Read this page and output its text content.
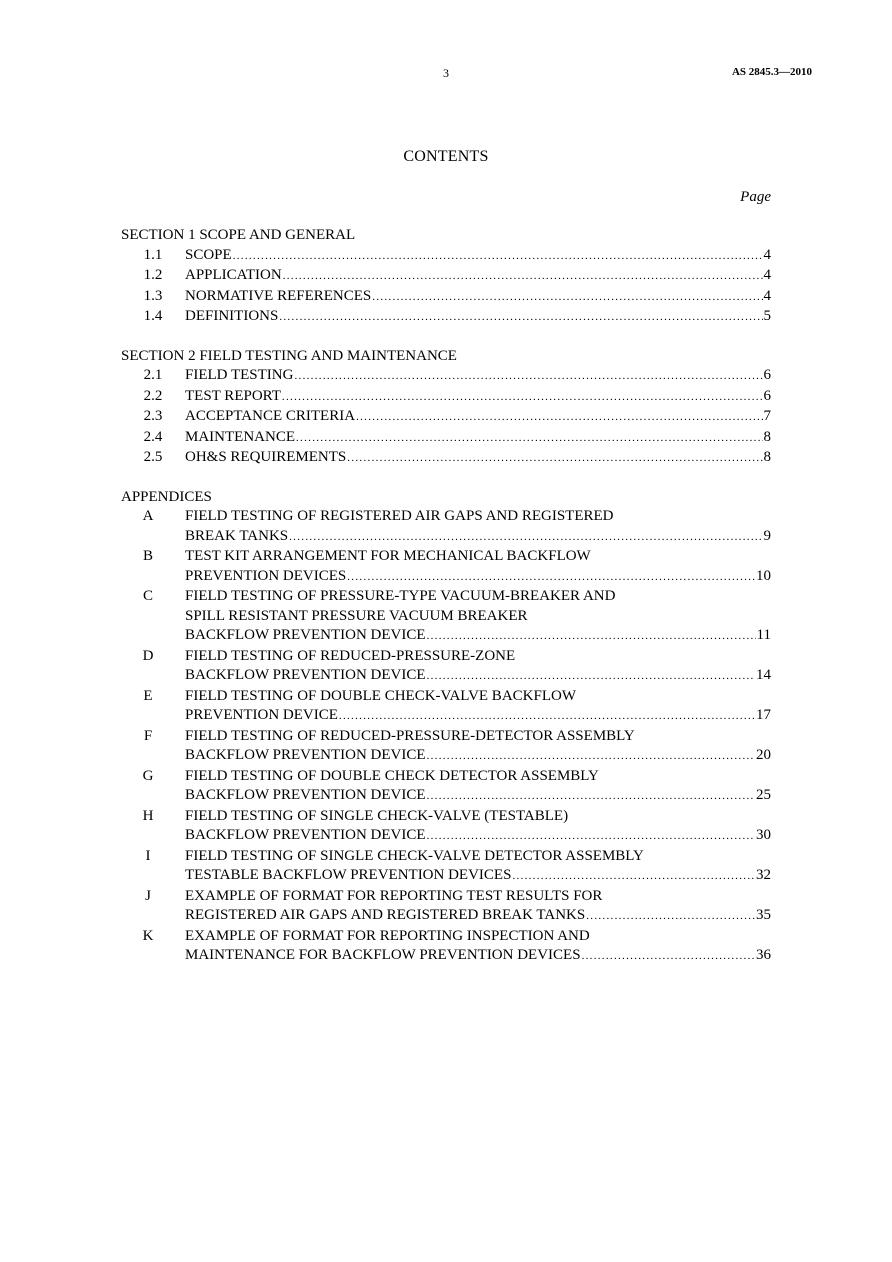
3	AS 2845.3—2010
CONTENTS
Page
SECTION 1 SCOPE AND GENERAL
1.1	SCOPE .....	4
1.2	APPLICATION .....	4
1.3	NORMATIVE REFERENCES .....	4
1.4	DEFINITIONS .....	5
SECTION 2 FIELD TESTING AND MAINTENANCE
2.1	FIELD TESTING .....	6
2.2	TEST REPORT .....	6
2.3	ACCEPTANCE CRITERIA .....	7
2.4	MAINTENANCE .....	8
2.5	OH&S REQUIREMENTS .....	8
APPENDICES
A	FIELD TESTING OF REGISTERED AIR GAPS AND REGISTERED
BREAK TANKS .....	9
B	TEST KIT ARRANGEMENT FOR MECHANICAL BACKFLOW
PREVENTION DEVICES .....	10
C	FIELD TESTING OF PRESSURE-TYPE VACUUM-BREAKER AND
SPILL RESISTANT PRESSURE VACUUM BREAKER
BACKFLOW PREVENTION DEVICE .....	11
D	FIELD TESTING OF REDUCED-PRESSURE-ZONE
BACKFLOW PREVENTION DEVICE .....	14
E	FIELD TESTING OF DOUBLE CHECK-VALVE BACKFLOW
PREVENTION DEVICE .....	17
F	FIELD TESTING OF REDUCED-PRESSURE-DETECTOR ASSEMBLY
BACKFLOW PREVENTION DEVICE .....	20
G	FIELD TESTING OF DOUBLE CHECK DETECTOR ASSEMBLY
BACKFLOW PREVENTION DEVICE .....	25
H	FIELD TESTING OF SINGLE CHECK-VALVE (TESTABLE)
BACKFLOW PREVENTION DEVICE .....	30
I	FIELD TESTING OF SINGLE CHECK-VALVE DETECTOR ASSEMBLY
TESTABLE BACKFLOW PREVENTION DEVICES .....	32
J	EXAMPLE OF FORMAT FOR REPORTING TEST RESULTS FOR
REGISTERED AIR GAPS AND REGISTERED BREAK TANKS .....	35
K	EXAMPLE OF FORMAT FOR REPORTING INSPECTION AND
MAINTENANCE FOR BACKFLOW PREVENTION DEVICES .....	36
